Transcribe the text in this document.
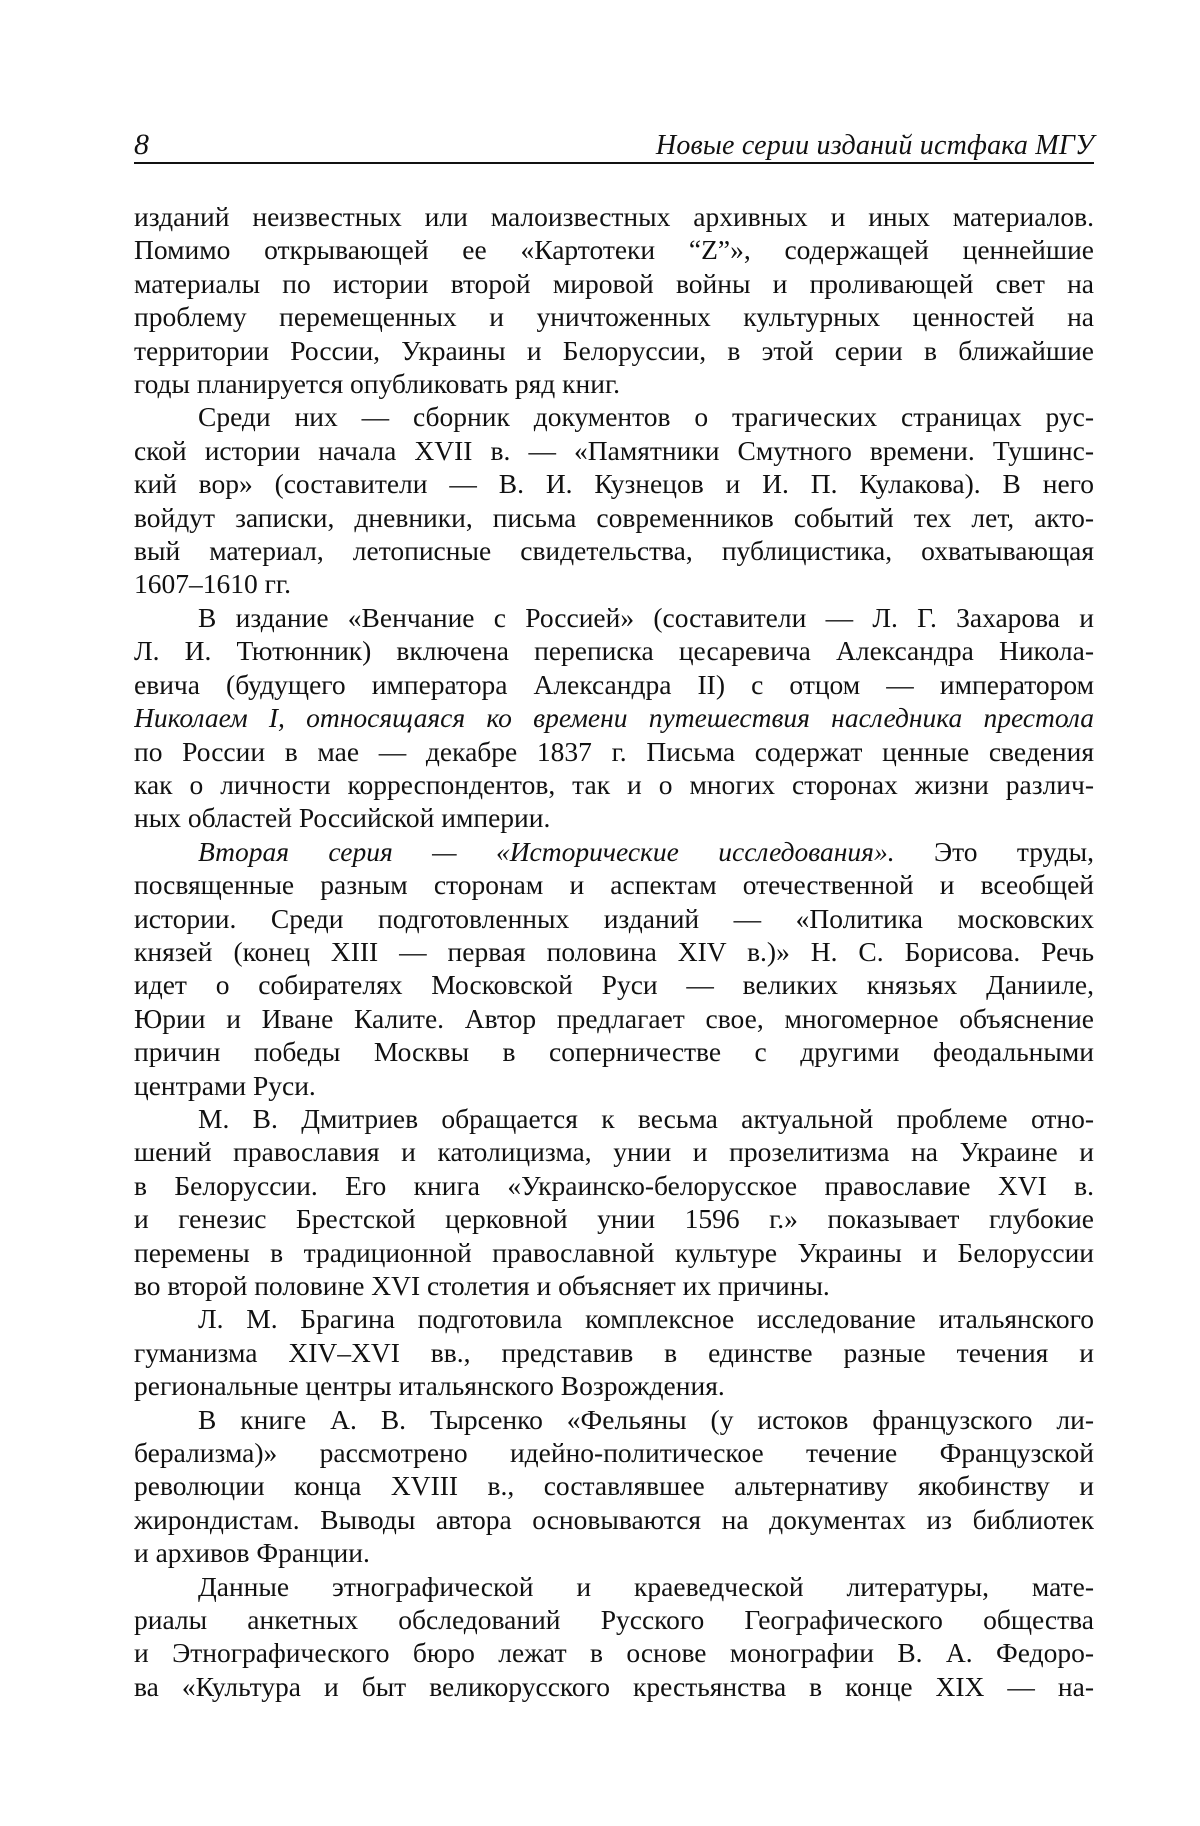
8	Новые серии изданий истфака МГУ
изданий неизвестных или малоизвестных архивных и иных материалов.
Помимо открывающей ее «Картотеки “Z”», содержащей ценнейшие
материалы по истории второй мировой войны и проливающей свет на
проблему перемещенных и уничтоженных культурных ценностей на
территории России, Украины и Белоруссии, в этой серии в ближайшие
годы планируется опубликовать ряд книг.
Среди них — сборник документов о трагических страницах рус-
ской истории начала XVII в. — «Памятники Смутного времени. Тушинс-
кий вор» (составители — В. И. Кузнецов и И. П. Кулакова). В него
войдут записки, дневники, письма современников событий тех лет, акто-
вый материал, летописные свидетельства, публицистика, охватывающая
1607–1610 гг.
В издание «Венчание с Россией» (составители — Л. Г. Захарова и
Л. И. Тютюнник) включена переписка цесаревича Александра Никола-
евича (будущего императора Александра II) с отцом — императором
Николаем I, относящаяся ко времени путешествия наследника престола
по России в мае — декабре 1837 г. Письма содержат ценные сведения
как о личности корреспондентов, так и о многих сторонах жизни различ-
ных областей Российской империи.
Вторая серия — «Исторические исследования». Это труды,
посвященные разным сторонам и аспектам отечественной и всеобщей
истории. Среди подготовленных изданий — «Политика московских
князей (конец XIII — первая половина XIV в.)» Н. С. Борисова. Речь
идет о собирателях Московской Руси — великих князьях Данииле,
Юрии и Иване Калите. Автор предлагает свое, многомерное объяснение
причин победы Москвы в соперничестве с другими феодальными
центрами Руси.
М. В. Дмитриев обращается к весьма актуальной проблеме отно-
шений православия и католицизма, унии и прозелитизма на Украине и
в Белоруссии. Его книга «Украинско-белорусское православие XVI в.
и генезис Брестской церковной унии 1596 г.» показывает глубокие
перемены в традиционной православной культуре Украины и Белоруссии
во второй половине XVI столетия и объясняет их причины.
Л. М. Брагина подготовила комплексное исследование итальянского
гуманизма XIV–XVI вв., представив в единстве разные течения и
региональные центры итальянского Возрождения.
В книге А. В. Тырсенко «Фельяны (у истоков французского ли-
берализма)» рассмотрено идейно-политическое течение Французской
революции конца XVIII в., составлявшее альтернативу якобинству и
жирондистам. Выводы автора основываются на документах из библиотек
и архивов Франции.
Данные этнографической и краеведческой литературы, мате-
риалы анкетных обследований Русского Географического общества
и Этнографического бюро лежат в основе монографии В. А. Федоро-
ва «Культура и быт великорусского крестьянства в конце XIX — на-
